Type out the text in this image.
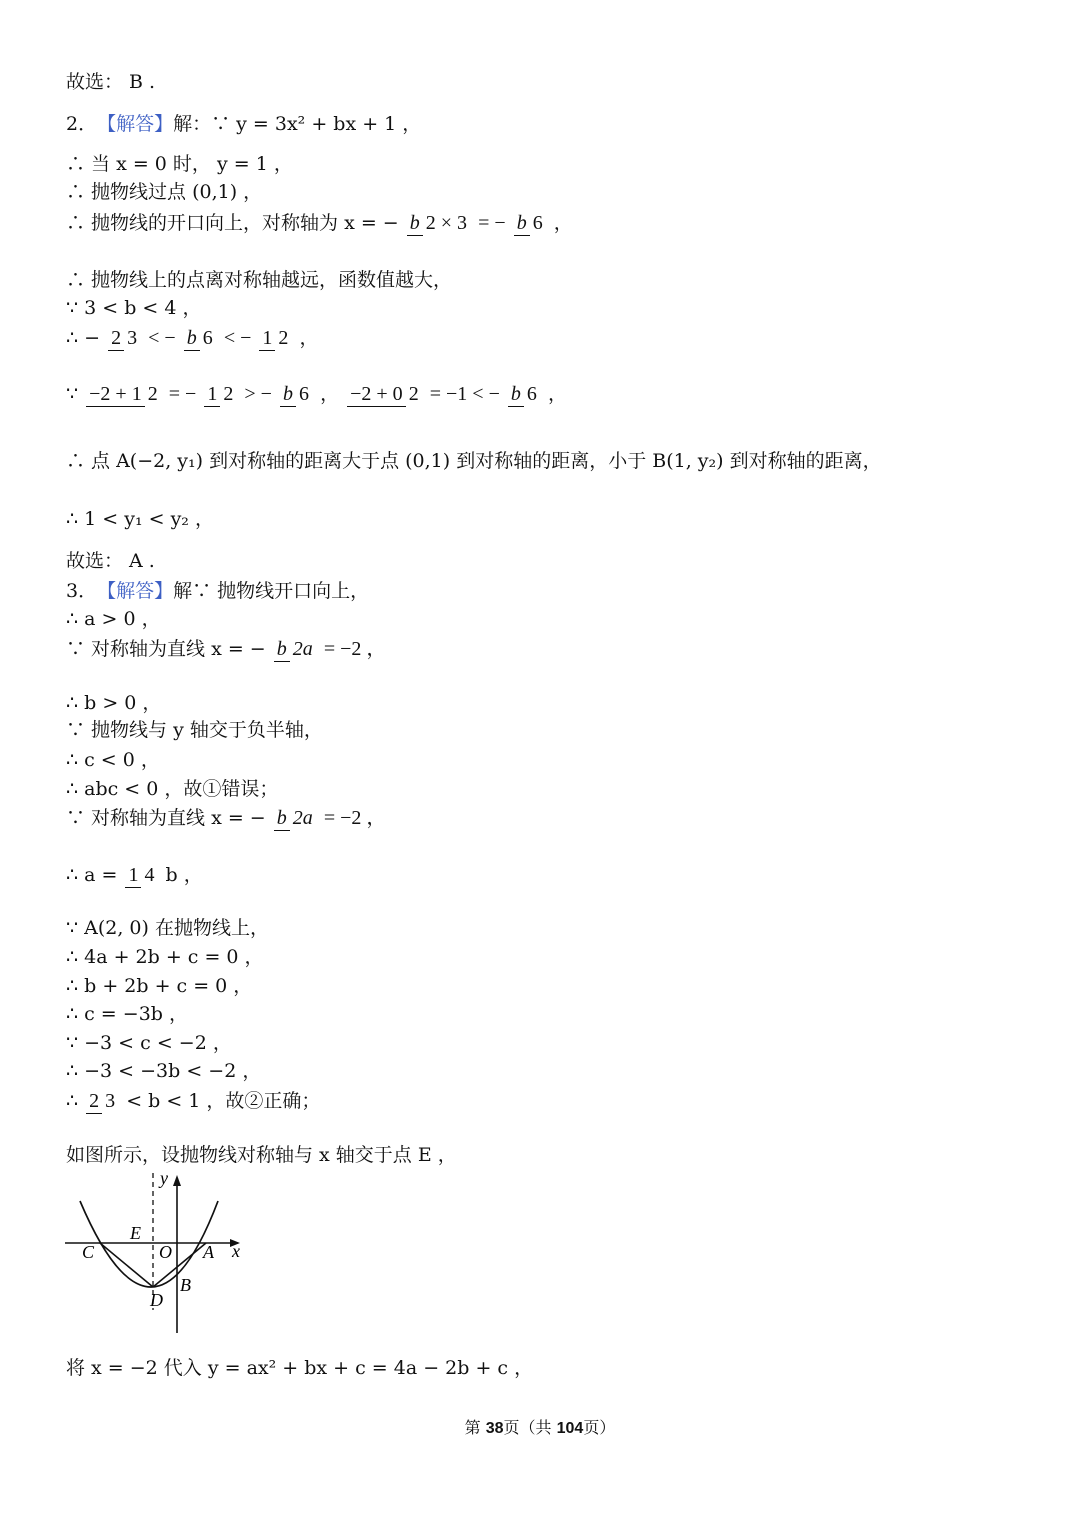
故选： B .
2．【解答】解：∵ y = 3x² + bx + 1 ，
∴ 当 x = 0 时， y = 1 ，
∴ 抛物线过点 (0,1) ，
∴ 抛物线的开口向上，对称轴为 x = − b 2 × 3 = − b 6 ，
∴ 抛物线上的点离对称轴越远，函数值越大，
∵ 3 < b < 4 ，
∴ − 2 3 < − b 6 < − 1 2 ，
∵ −2 + 1 2 = − 1 2 > − b 6 ， −2 + 0 2 = −1 < − b 6 ，
∴ 点 A(−2, y₁) 到对称轴的距离大于点 (0,1) 到对称轴的距离，小于 B(1, y₂) 到对称轴的距离，
∴ 1 < y₁ < y₂ ，
故选： A .
3．【解答】解∵ 抛物线开口向上，
∴ a > 0 ，
∵ 对称轴为直线 x = − b 2a = −2 ，
∴ b > 0 ，
∵ 抛物线与 y 轴交于负半轴，
∴ c < 0 ，
∴ abc < 0 ，故①错误；
∵ 对称轴为直线 x = − b 2a = −2 ，
∴ a = 1 4 b ，
∵ A(2, 0) 在抛物线上，
∴ 4a + 2b + c = 0 ，
∴ b + 2b + c = 0 ，
∴ c = −3b ，
∵ −3 < c < −2 ，
∴ −3 < −3b < −2 ，
∴ 2 3 < b < 1 ，故②正确；
如图所示，设抛物线对称轴与 x 轴交于点 E ，
y
x
E
C	O A
B
D
将 x = −2 代入 y = ax² + bx + c = 4a − 2b + c ，
第 38页（共 104页）
